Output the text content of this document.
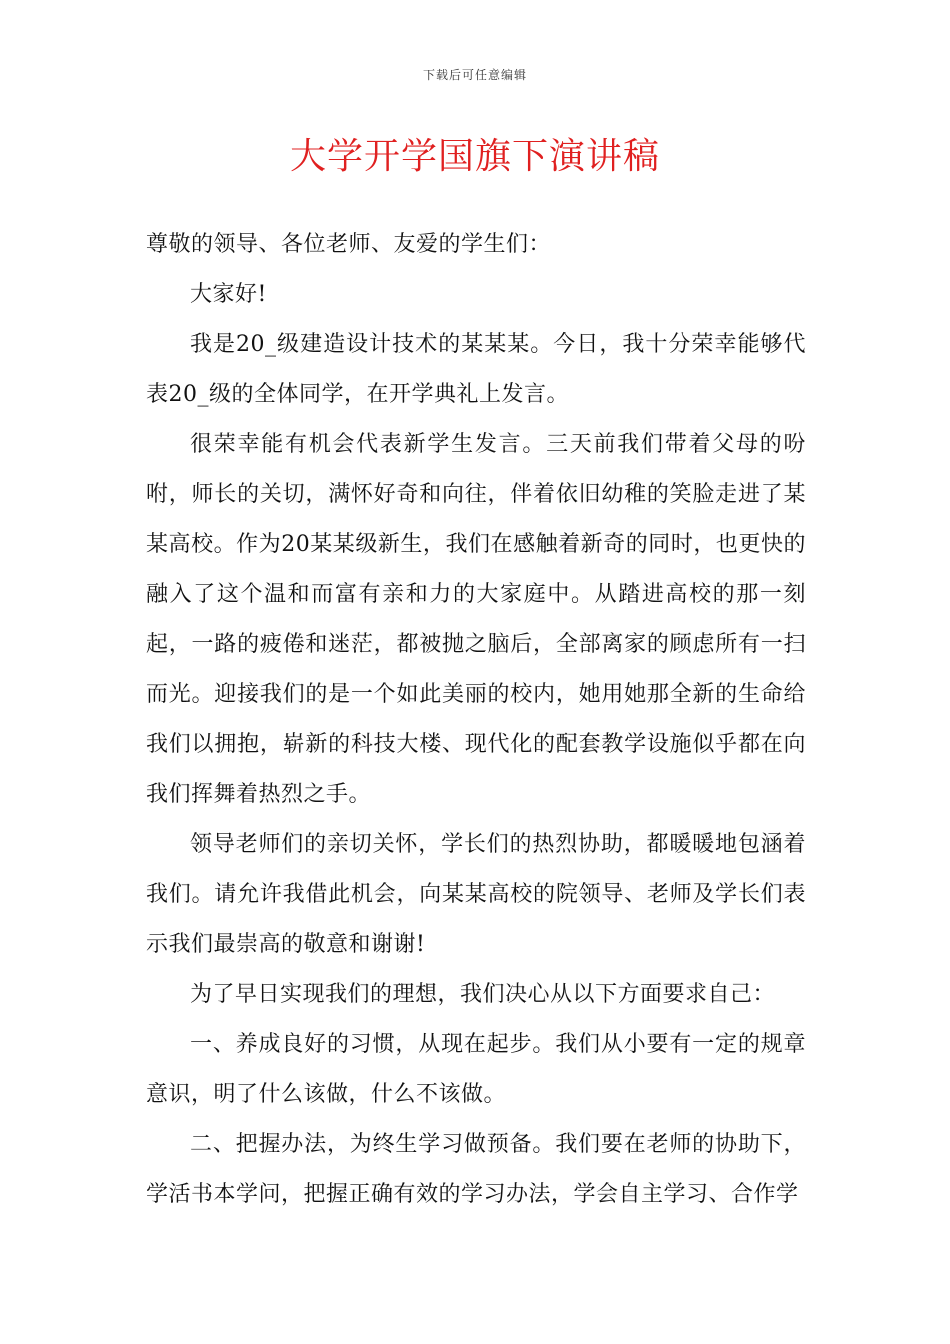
下载后可任意编辑
大学开学国旗下演讲稿

尊敬的领导、各位老师、友爱的学生们：

大家好!

我是20_级建造设计技术的某某某。今日，我十分荣幸能够代表20_级的全体同学，在开学典礼上发言。

很荣幸能有机会代表新学生发言。三天前我们带着父母的吩咐，师长的关切，满怀好奇和向往，伴着依旧幼稚的笑脸走进了某某高校。作为20某某级新生，我们在感触着新奇的同时，也更快的融入了这个温和而富有亲和力的大家庭中。从踏进高校的那一刻起，一路的疲倦和迷茫，都被抛之脑后，全部离家的顾虑所有一扫而光。迎接我们的是一个如此美丽的校内，她用她那全新的生命给我们以拥抱，崭新的科技大楼、现代化的配套教学设施似乎都在向我们挥舞着热烈之手。

领导老师们的亲切关怀，学长们的热烈协助，都暖暖地包涵着我们。请允许我借此机会，向某某高校的院领导、老师及学长们表示我们最崇高的敬意和谢谢!

为了早日实现我们的理想，我们决心从以下方面要求自己：

一、养成良好的习惯，从现在起步。我们从小要有一定的规章意识，明了什么该做，什么不该做。

二、把握办法，为终生学习做预备。我们要在老师的协助下，学活书本学问，把握正确有效的学习办法，学会自主学习、合作学
